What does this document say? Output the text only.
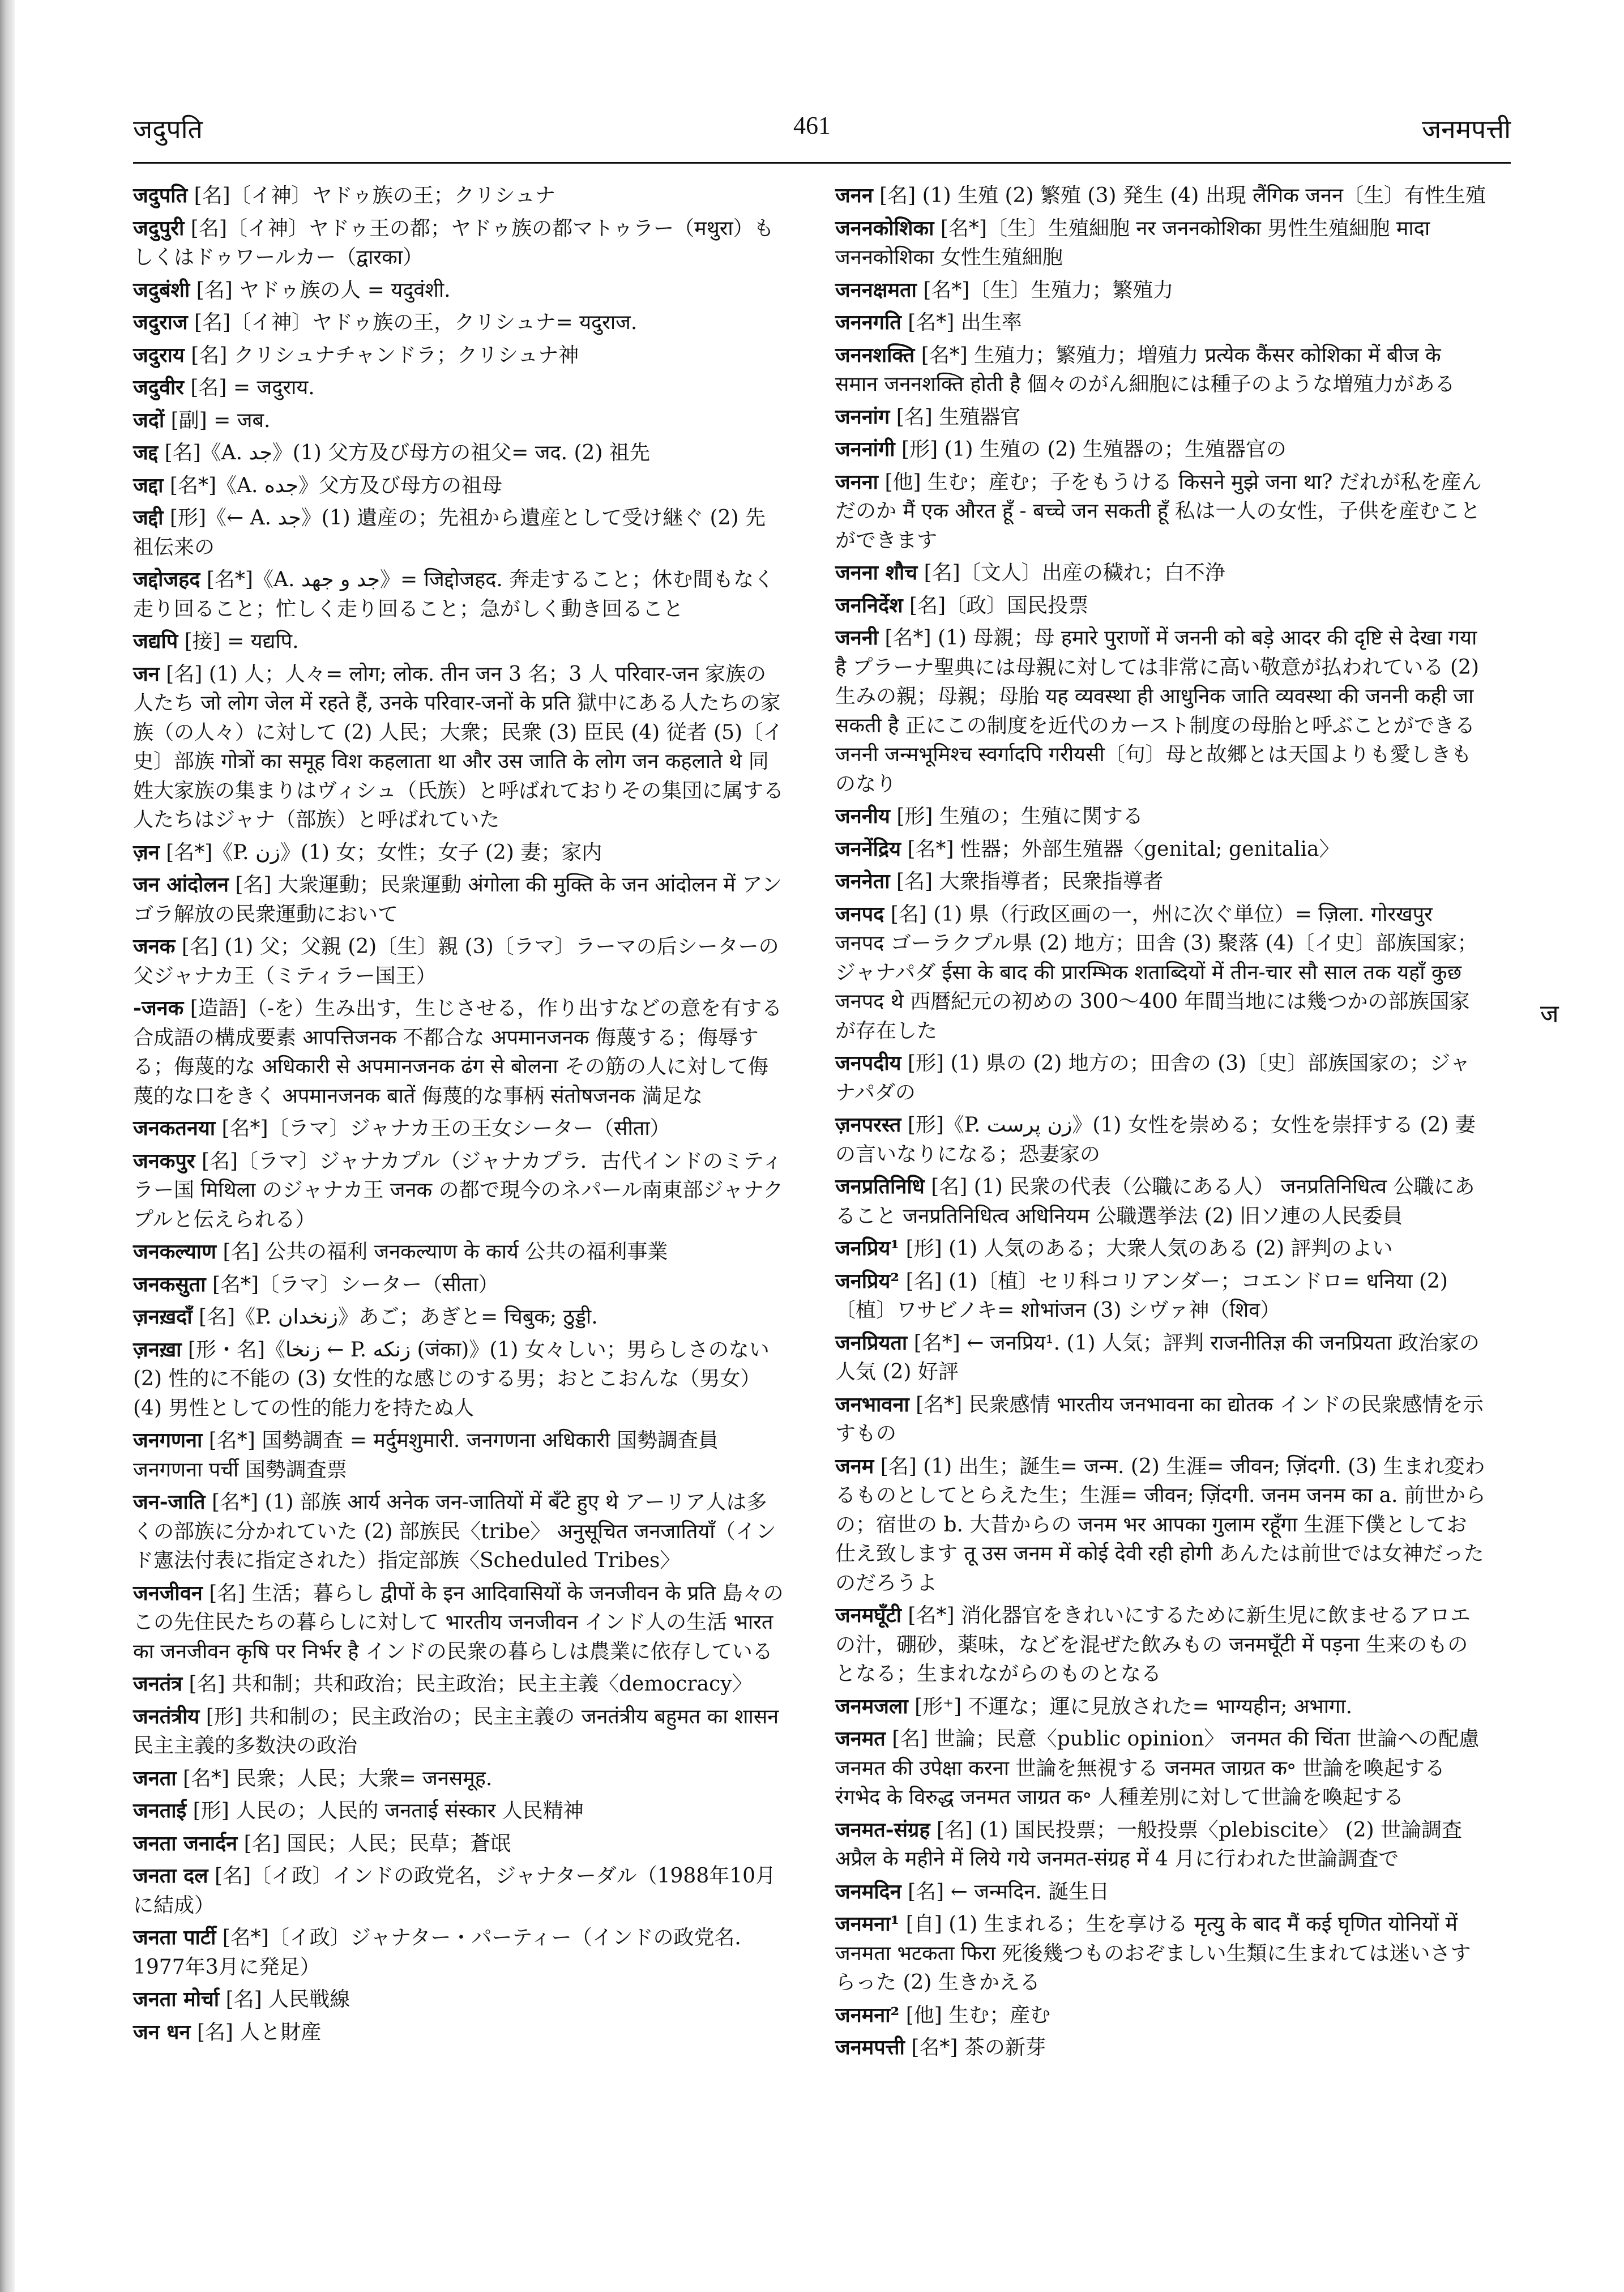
जदुपति	461	जनमपत्ती

जदुपति [名]〔イ神〕ヤドゥ族の王；クリシュナ

जदुपुरी [名]〔イ神〕ヤドゥ王の都；ヤドゥ族の都マトゥラー（मथुरा）もしくはドゥワールカー（द्वारका）

जदुबंशी [名] ヤドゥ族の人 = यदुवंशी.

जदुराज [名]〔イ神〕ヤドゥ族の王，クリシュナ= यदुराज.

जदुराय [名] クリシュナチャンドラ；クリシュナ神

जदुवीर [名] = जदुराय.

जदों [副] = जब.

जद्द [名]《A. جد》(1) 父方及び母方の祖父= जद. (2) 祖先

जद्दा [名*]《A. جده》父方及び母方の祖母

जद्दी [形]《← A. جد》(1) 遺産の；先祖から遺産として受け継ぐ (2) 先祖伝来の

जद्दोजहद [名*]《A. جد و جهد》= जिद्दोजहद. 奔走すること；休む間もなく走り回ること；忙しく走り回ること；急がしく動き回ること

जद्यपि [接] = यद्यपि.

जन [名] (1) 人；人々= लोग; लोक. तीन जन 3 名；3 人 परिवार-जन 家族の人たち जो लोग जेल में रहते हैं, उनके परिवार-जनों के प्रति 獄中にある人たちの家族（の人々）に対して (2) 人民；大衆；民衆 (3) 臣民 (4) 従者 (5)〔イ史〕部族 गोत्रों का समूह विश कहलाता था और उस जाति के लोग जन कहलाते थे 同姓大家族の集まりはヴィシュ（氏族）と呼ばれておりその集団に属する人たちはジャナ（部族）と呼ばれていた

ज़न [名*]《P. زن》(1) 女；女性；女子 (2) 妻；家内

जन आंदोलन [名] 大衆運動；民衆運動 अंगोला की मुक्ति के जन आंदोलन में アンゴラ解放の民衆運動において

जनक [名] (1) 父；父親 (2)〔生〕親 (3)〔ラマ〕ラーマの后シーターの父ジャナカ王（ミティラー国王）

-जनक [造語]（-を）生み出す，生じさせる，作り出すなどの意を有する合成語の構成要素 आपत्तिजनक 不都合な अपमानजनक 侮蔑する；侮辱する；侮蔑的な अधिकारी से अपमानजनक ढंग से बोलना その筋の人に対して侮蔑的な口をきく अपमानजनक बातें 侮蔑的な事柄 संतोषजनक 満足な

जनकतनया [名*]〔ラマ〕ジャナカ王の王女シーター（सीता）

जनकपुर [名]〔ラマ〕ジャナカプル（ジャナカプラ．古代インドのミティラー国 मिथिला のジャナカ王 जनक の都で現今のネパール南東部ジャナクプルと伝えられる）

जनकल्याण [名] 公共の福利 जनकल्याण के कार्य 公共の福利事業

जनकसुता [名*]〔ラマ〕シーター（सीता）

ज़नख़दाँ [名]《P. زنخدان》あご；あぎと= चिबुक; ठुड्डी.

ज़नख़ा [形・名]《زنخا ← P. زنکه (जंका)》(1) 女々しい；男らしさのない (2) 性的に不能の (3) 女性的な感じのする男；おとこおんな（男女） (4) 男性としての性的能力を持たぬ人

जनगणना [名*] 国勢調査 = मर्दुमशुमारी. जनगणना अधिकारी 国勢調査員 जनगणना पर्ची 国勢調査票

जन-जाति [名*] (1) 部族 आर्य अनेक जन-जातियों में बँटे हुए थे アーリア人は多くの部族に分かれていた (2) 部族民〈tribe〉 अनुसूचित जनजातियाँ（インド憲法付表に指定された）指定部族〈Scheduled Tribes〉

जनजीवन [名] 生活；暮らし द्वीपों के इन आदिवासियों के जनजीवन के प्रति 島々のこの先住民たちの暮らしに対して भारतीय जनजीवन インド人の生活 भारत का जनजीवन कृषि पर निर्भर है インドの民衆の暮らしは農業に依存している

जनतंत्र [名] 共和制；共和政治；民主政治；民主主義〈democracy〉

जनतंत्रीय [形] 共和制の；民主政治の；民主主義の जनतंत्रीय बहुमत का शासन 民主主義的多数決の政治

जनता [名*] 民衆；人民；大衆= जनसमूह.

जनताई [形] 人民の；人民的 जनताई संस्कार 人民精神

जनता जनार्दन [名] 国民；人民；民草；蒼氓

जनता दल [名]〔イ政〕インドの政党名，ジャナターダル（1988年10月に結成）

जनता पार्टी [名*]〔イ政〕ジャナター・パーティー（インドの政党名．1977年3月に発足）

जनता मोर्चा [名] 人民戦線

जन धन [名] 人と財産

जनन [名] (1) 生殖 (2) 繁殖 (3) 発生 (4) 出現 लैंगिक जनन〔生〕有性生殖

जननकोशिका [名*]〔生〕生殖細胞 नर जननकोशिका 男性生殖細胞 मादा जननकोशिका 女性生殖細胞

जननक्षमता [名*]〔生〕生殖力；繁殖力

जननगति [名*] 出生率

जननशक्ति [名*] 生殖力；繁殖力；増殖力 प्रत्येक कैंसर कोशिका में बीज के समान जननशक्ति होती है 個々のがん細胞には種子のような増殖力がある

जननांग [名] 生殖器官

जननांगी [形] (1) 生殖の (2) 生殖器の；生殖器官の

जनना [他] 生む；産む；子をもうける किसने मुझे जना था? だれが私を産んだのか मैं एक औरत हूँ - बच्चे जन सकती हूँ 私は一人の女性，子供を産むことができます

जनना शौच [名]〔文人〕出産の穢れ；白不浄

जननिर्देश [名]〔政〕国民投票

जननी [名*] (1) 母親；母 हमारे पुराणों में जननी को बड़े आदर की दृष्टि से देखा गया है プラーナ聖典には母親に対しては非常に高い敬意が払われている (2) 生みの親；母親；母胎 यह व्यवस्था ही आधुनिक जाति व्यवस्था की जननी कही जा सकती है 正にこの制度を近代のカースト制度の母胎と呼ぶことができる जननी जन्मभूमिश्च स्वर्गादपि गरीयसी〔句〕母と故郷とは天国よりも愛しきものなり

जननीय [形] 生殖の；生殖に関する

जननेंद्रिय [名*] 性器；外部生殖器〈genital; genitalia〉

जननेता [名] 大衆指導者；民衆指導者

जनपद [名] (1) 県（行政区画の一，州に次ぐ単位）= ज़िला. गोरखपुर जनपद ゴーラクプル県 (2) 地方；田舎 (3) 聚落 (4)〔イ史〕部族国家；ジャナパダ ईसा के बाद की प्रारम्भिक शताब्दियों में तीन-चार सौ साल तक यहाँ कुछ जनपद थे 西暦紀元の初めの 300〜400 年間当地には幾つかの部族国家が存在した

जनपदीय [形] (1) 県の (2) 地方の；田舎の (3)〔史〕部族国家の；ジャナパダの

ज़नपरस्त [形]《P. زن پرست》(1) 女性を崇める；女性を崇拝する (2) 妻の言いなりになる；恐妻家の

जनप्रतिनिधि [名] (1) 民衆の代表（公職にある人） जनप्रतिनिधित्व 公職にあること जनप्रतिनिधित्व अधिनियम 公職選挙法 (2) 旧ソ連の人民委員

जनप्रिय¹ [形] (1) 人気のある；大衆人気のある (2) 評判のよい

जनप्रिय² [名] (1)〔植〕セリ科コリアンダー；コエンドロ= धनिया (2)〔植〕ワサビノキ= शोभांजन (3) シヴァ神（शिव）

जनप्रियता [名*] ← जनप्रिय¹. (1) 人気；評判 राजनीतिज्ञ की जनप्रियता 政治家の人気 (2) 好評

जनभावना [名*] 民衆感情 भारतीय जनभावना का द्योतक インドの民衆感情を示すもの

जनम [名] (1) 出生；誕生= जन्म. (2) 生涯= जीवन; ज़िंदगी. (3) 生まれ変わるものとしてとらえた生；生涯= जीवन; ज़िंदगी. जनम जनम का a. 前世からの；宿世の b. 大昔からの जनम भर आपका गुलाम रहूँगा 生涯下僕としてお仕え致します तू उस जनम में कोई देवी रही होगी あんたは前世では女神だったのだろうよ

जनमघूँटी [名*] 消化器官をきれいにするために新生児に飲ませるアロエの汁，硼砂，薬味，などを混ぜた飲みもの जनमघूँटी में पड़ना 生来のものとなる；生まれながらのものとなる

जनमजला [形⁺] 不運な；運に見放された= भाग्यहीन; अभागा.

जनमत [名] 世論；民意〈public opinion〉 जनमत की चिंता 世論への配慮 जनमत की उपेक्षा करना 世論を無視する जनमत जाग्रत क॰ 世論を喚起する रंगभेद के विरुद्ध जनमत जाग्रत क॰ 人種差別に対して世論を喚起する

जनमत-संग्रह [名] (1) 国民投票；一般投票〈plebiscite〉 (2) 世論調査 अप्रैल के महीने में लिये गये जनमत-संग्रह में 4 月に行われた世論調査で

जनमदिन [名] ← जन्मदिन. 誕生日

जनमना¹ [自] (1) 生まれる；生を享ける मृत्यु के बाद मैं कई घृणित योनियों में जनमता भटकता फिरा 死後幾つものおぞましい生類に生まれては迷いさすらった (2) 生きかえる

जनमना² [他] 生む；産む

जनमपत्ती [名*] 茶の新芽

ज
